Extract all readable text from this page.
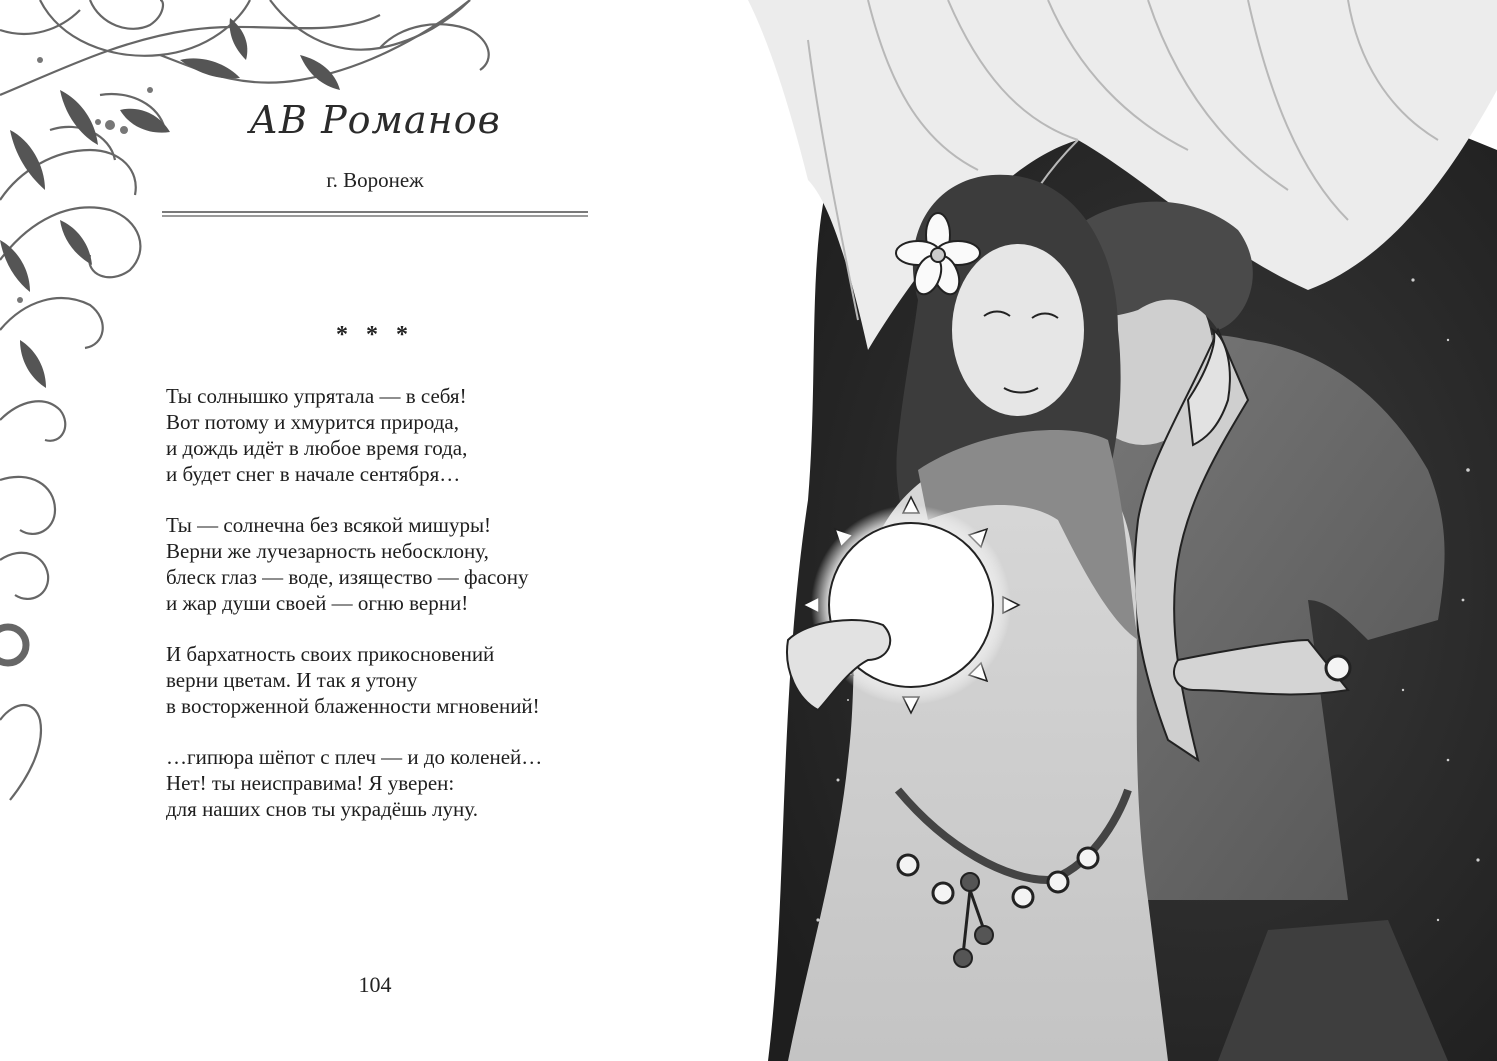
АВ Романов
г. Воронеж
* * *
Ты солнышко упрятала — в себя!
Вот потому и хмурится природа,
и дождь идёт в любое время года,
и будет снег в начале сентября…
Ты — солнечна без всякой мишуры!
Верни же лучезарность небосклону,
блеск глаз — воде, изящество — фасону
и жар души своей — огню верни!
И бархатность своих прикосновений
верни цветам. И так я утону
в восторженной блаженности мгновений!
…гипюра шёпот с плеч — и до коленей…
Нет! ты неисправима! Я уверен:
для наших снов ты украдёшь луну.
104
